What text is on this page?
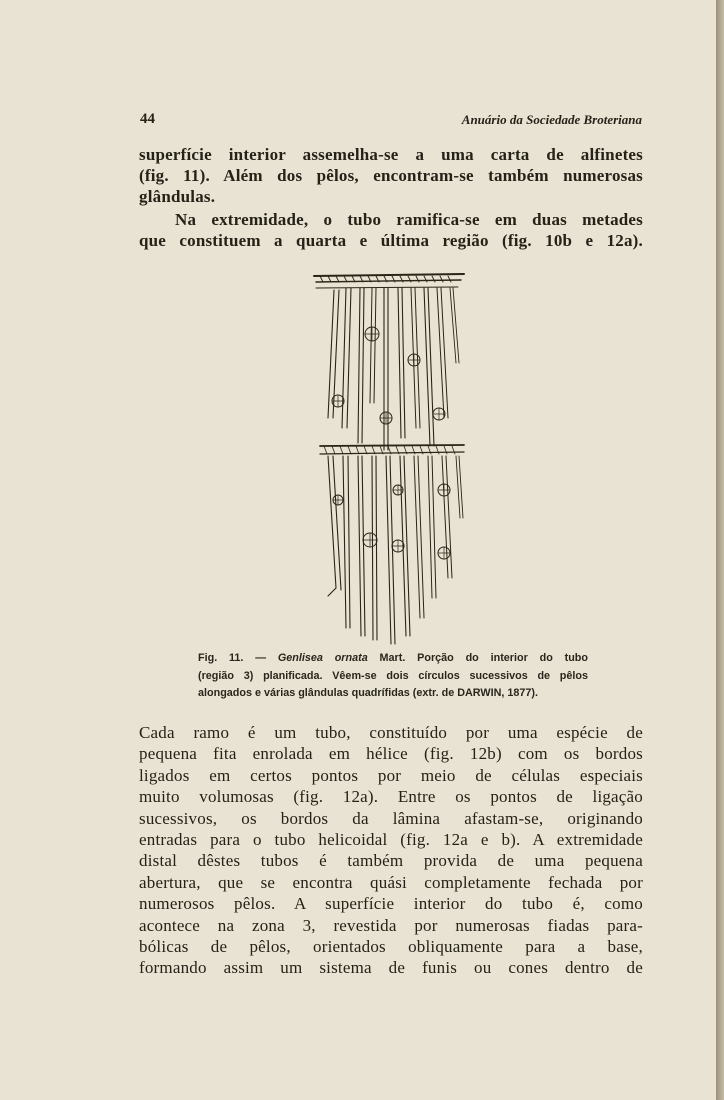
44	Anuário da Sociedade Broteriana
superfície interior assemelha-se a uma carta de alfinetes
(fig. 11). Além dos pêlos, encontram-se também numerosas
glândulas.
Na extremidade, o tubo ramifica-se em duas metades
que constituem a quarta e última região (fig. 10b e 12a).
Fig. 11. — Genlisea ornata Mart. Porção do interior do tubo
(região 3) planificada. Vêem-se dois círculos sucessivos de pêlos
alongados e várias glândulas quadrífidas (extr. de DARWIN, 1877).
Cada ramo é um tubo, constituído por uma espécie de
pequena fita enrolada em hélice (fig. 12b) com os bordos
ligados em certos pontos por meio de células especiais
muito volumosas (fig. 12a). Entre os pontos de ligação
sucessivos, os bordos da lâmina afastam-se, originando
entradas para o tubo helicoidal (fig. 12a e b). A extremidade
distal dêstes tubos é também provida de uma pequena
abertura, que se encontra quási completamente fechada por
numerosos pêlos. A superfície interior do tubo é, como
acontece na zona 3, revestida por numerosas fiadas para-
bólicas de pêlos, orientados obliquamente para a base,
formando assim um sistema de funis ou cones dentro de
